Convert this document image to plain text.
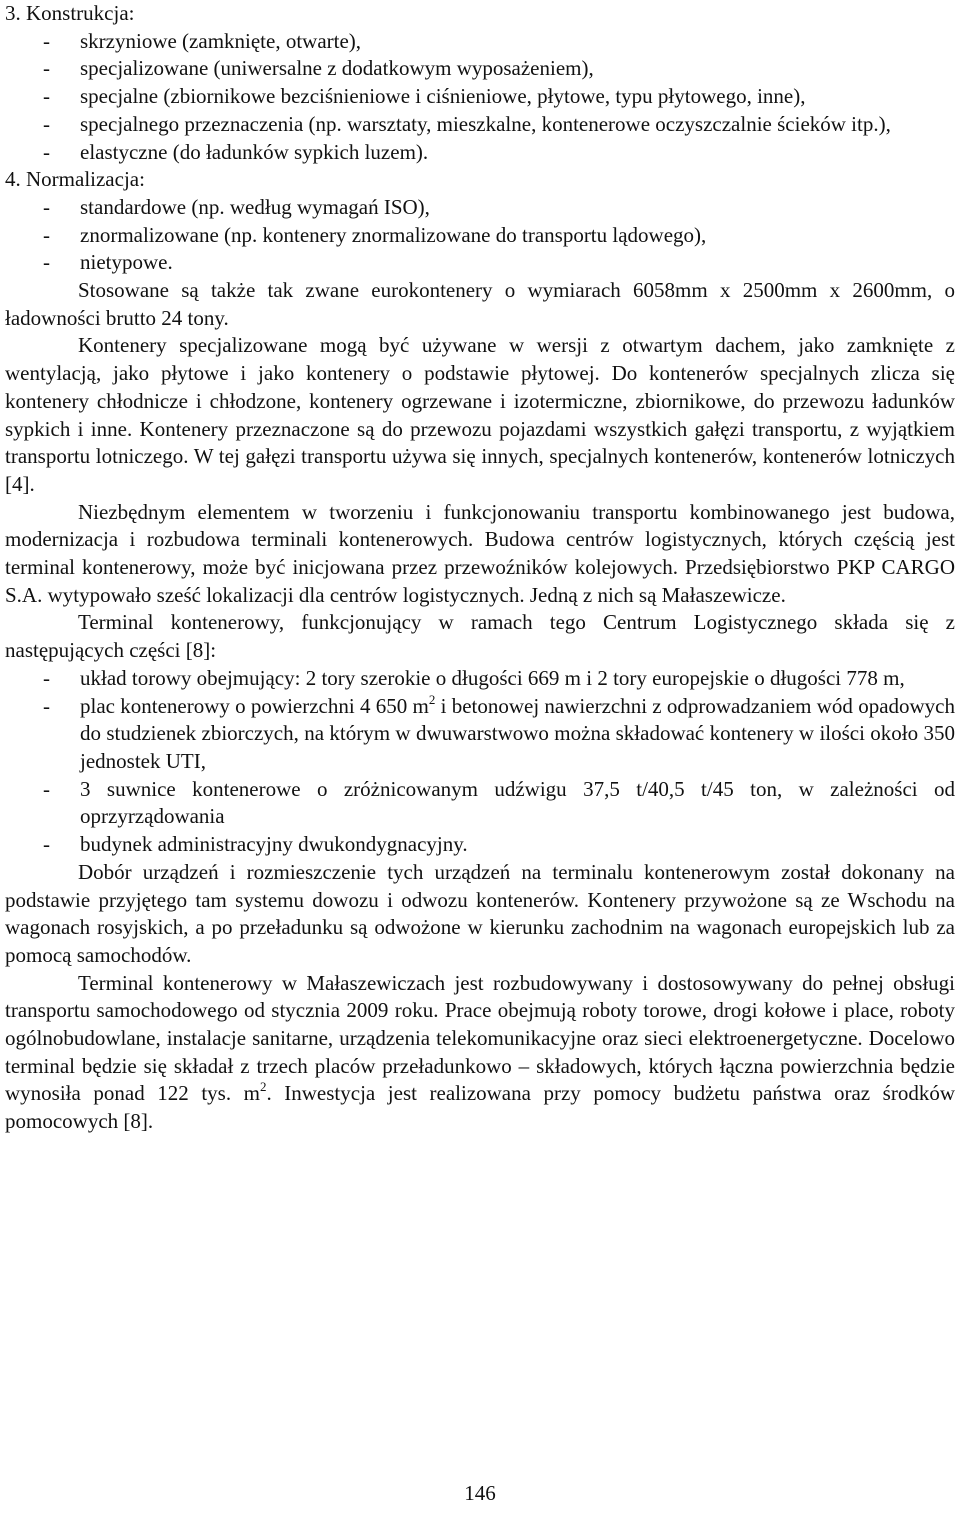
3. Konstrukcja:
- skrzyniowe (zamknięte, otwarte),
- specjalizowane (uniwersalne z dodatkowym wyposażeniem),
- specjalne (zbiornikowe bezciśnieniowe i ciśnieniowe, płytowe, typu płytowego, inne),
- specjalnego przeznaczenia (np. warsztaty, mieszkalne, kontenerowe oczyszczalnie ścieków itp.),
- elastyczne (do ładunków sypkich luzem).
4. Normalizacja:
- standardowe (np. według wymagań ISO),
- znormalizowane (np. kontenery znormalizowane do transportu lądowego),
- nietypowe.

Stosowane są także tak zwane eurokontenery o wymiarach 6058mm x 2500mm x 2600mm, o ładowności brutto 24 tony.

Kontenery specjalizowane mogą być używane w wersji z otwartym dachem, jako zamknięte z wentylacją, jako płytowe i jako kontenery o podstawie płytowej. Do kontenerów specjalnych zlicza się kontenery chłodnicze i chłodzone, kontenery ogrzewane i izotermiczne, zbiornikowe, do przewozu ładunków sypkich i inne. Kontenery przeznaczone są do przewozu pojazdami wszystkich gałęzi transportu, z wyjątkiem transportu lotniczego. W tej gałęzi transportu używa się innych, specjalnych kontenerów, kontenerów lotniczych [4].

Niezbędnym elementem w tworzeniu i funkcjonowaniu transportu kombinowanego jest budowa, modernizacja i rozbudowa terminali kontenerowych. Budowa centrów logistycznych, których częścią jest terminal kontenerowy, może być inicjowana przez przewoźników kolejowych. Przedsiębiorstwo PKP CARGO S.A. wytypowało sześć lokalizacji dla centrów logistycznych. Jedną z nich są Małaszewicze.

Terminal kontenerowy, funkcjonujący w ramach tego Centrum Logistycznego składa się z następujących części [8]:

- układ torowy obejmujący: 2 tory szerokie o długości 669 m i 2 tory europejskie o długości 778 m,
- plac kontenerowy o powierzchni 4 650 $m^2$ i betonowej nawierzchni z odprowadzaniem wód opadowych do studzienek zbiorczych, na którym w dwuwarstwowo można składować kontenery w ilości około 350 jednostek UTI,
- 3 suwnice kontenerowe o zróżnicowanym udźwigu 37,5 t/40,5 t/45 ton, w zależności od oprzyrządowania
- budynek administracyjny dwukondygnacyjny.

Dobór urządzeń i rozmieszczenie tych urządzeń na terminalu kontenerowym został dokonany na podstawie przyjętego tam systemu dowozu i odwozu kontenerów. Kontenery przywożone są ze Wschodu na wagonach rosyjskich, a po przeładunku są odwożone w kierunku zachodnim na wagonach europejskich lub za pomocą samochodów.

Terminal kontenerowy w Małaszewiczach jest rozbudowywany i dostosowywany do pełnej obsługi transportu samochodowego od stycznia 2009 roku. Prace obejmują roboty torowe, drogi kołowe i place, roboty ogólnobudowlane, instalacje sanitarne, urządzenia telekomunikacyjne oraz sieci elektroenergetyczne. Docelowo terminal będzie się składał z trzech placów przeładunkowo – składowych, których łączna powierzchnia będzie wynosiła ponad 122 tys. $m^2$. Inwestycja jest realizowana przy pomocy budżetu państwa oraz środków pomocowych [8].

146
